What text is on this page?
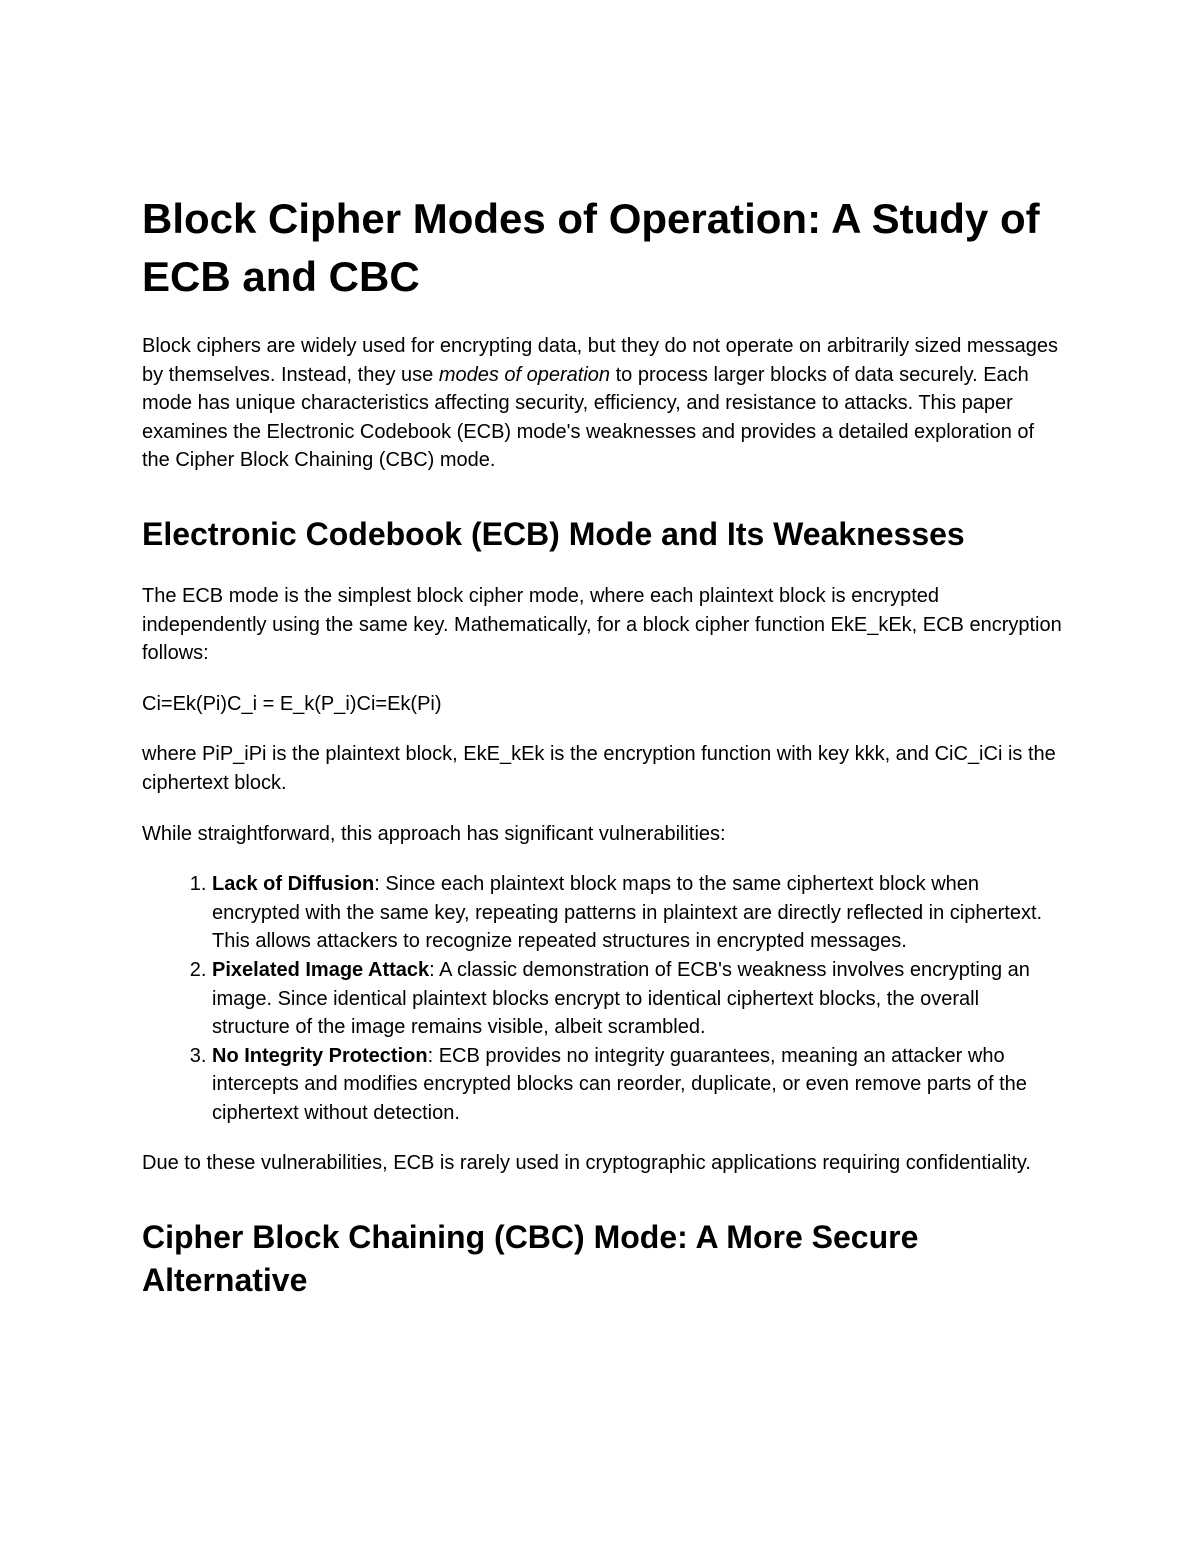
Block Cipher Modes of Operation: A Study of ECB and CBC

Block ciphers are widely used for encrypting data, but they do not operate on arbitrarily sized messages by themselves. Instead, they use modes of operation to process larger blocks of data securely. Each mode has unique characteristics affecting security, efficiency, and resistance to attacks. This paper examines the Electronic Codebook (ECB) mode's weaknesses and provides a detailed exploration of the Cipher Block Chaining (CBC) mode.

Electronic Codebook (ECB) Mode and Its Weaknesses

The ECB mode is the simplest block cipher mode, where each plaintext block is encrypted independently using the same key. Mathematically, for a block cipher function EkE_kEk, ECB encryption follows:

Ci=Ek(Pi)C_i = E_k(P_i)Ci=Ek(Pi)

where PiP_iPi is the plaintext block, EkE_kEk is the encryption function with key kkk, and CiC_iCi is the ciphertext block.

While straightforward, this approach has significant vulnerabilities:

1. Lack of Diffusion: Since each plaintext block maps to the same ciphertext block when encrypted with the same key, repeating patterns in plaintext are directly reflected in ciphertext. This allows attackers to recognize repeated structures in encrypted messages.
2. Pixelated Image Attack: A classic demonstration of ECB's weakness involves encrypting an image. Since identical plaintext blocks encrypt to identical ciphertext blocks, the overall structure of the image remains visible, albeit scrambled.
3. No Integrity Protection: ECB provides no integrity guarantees, meaning an attacker who intercepts and modifies encrypted blocks can reorder, duplicate, or even remove parts of the ciphertext without detection.

Due to these vulnerabilities, ECB is rarely used in cryptographic applications requiring confidentiality.

Cipher Block Chaining (CBC) Mode: A More Secure Alternative
